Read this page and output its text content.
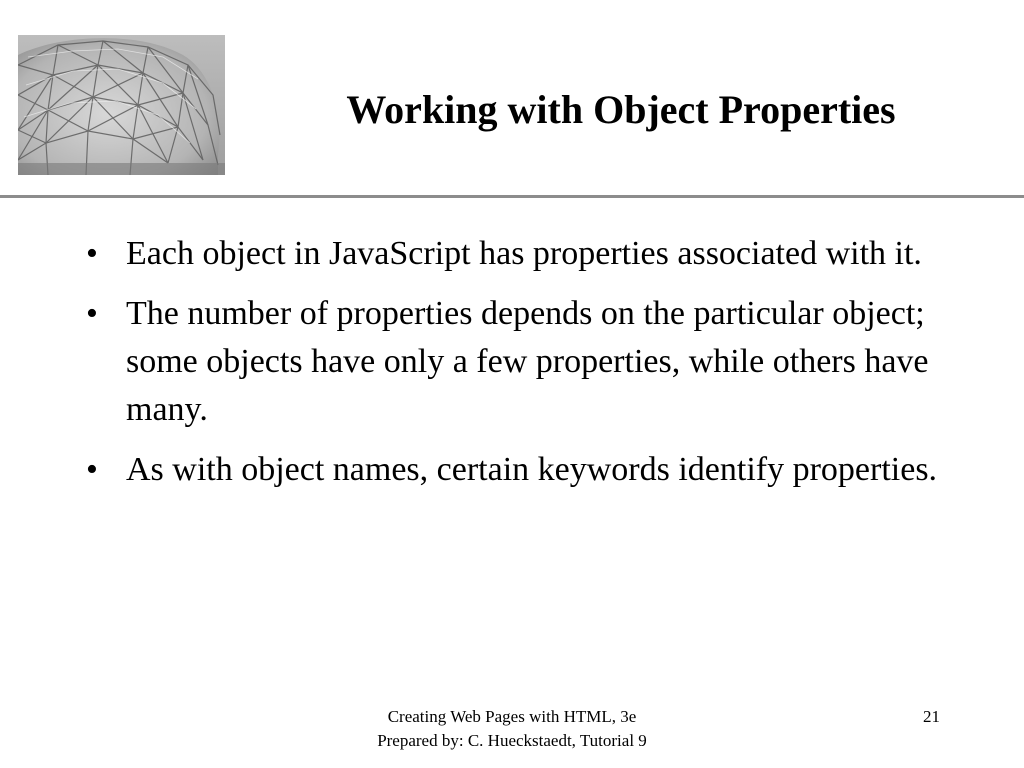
Working with Object Properties
• Each object in JavaScript has properties associated with it.
• The number of properties depends on the particular object; some objects have only a few properties, while others have many.
• As with object names, certain keywords identify properties.
Creating Web Pages with HTML, 3e
Prepared by: C. Hueckstaedt, Tutorial 9
21
